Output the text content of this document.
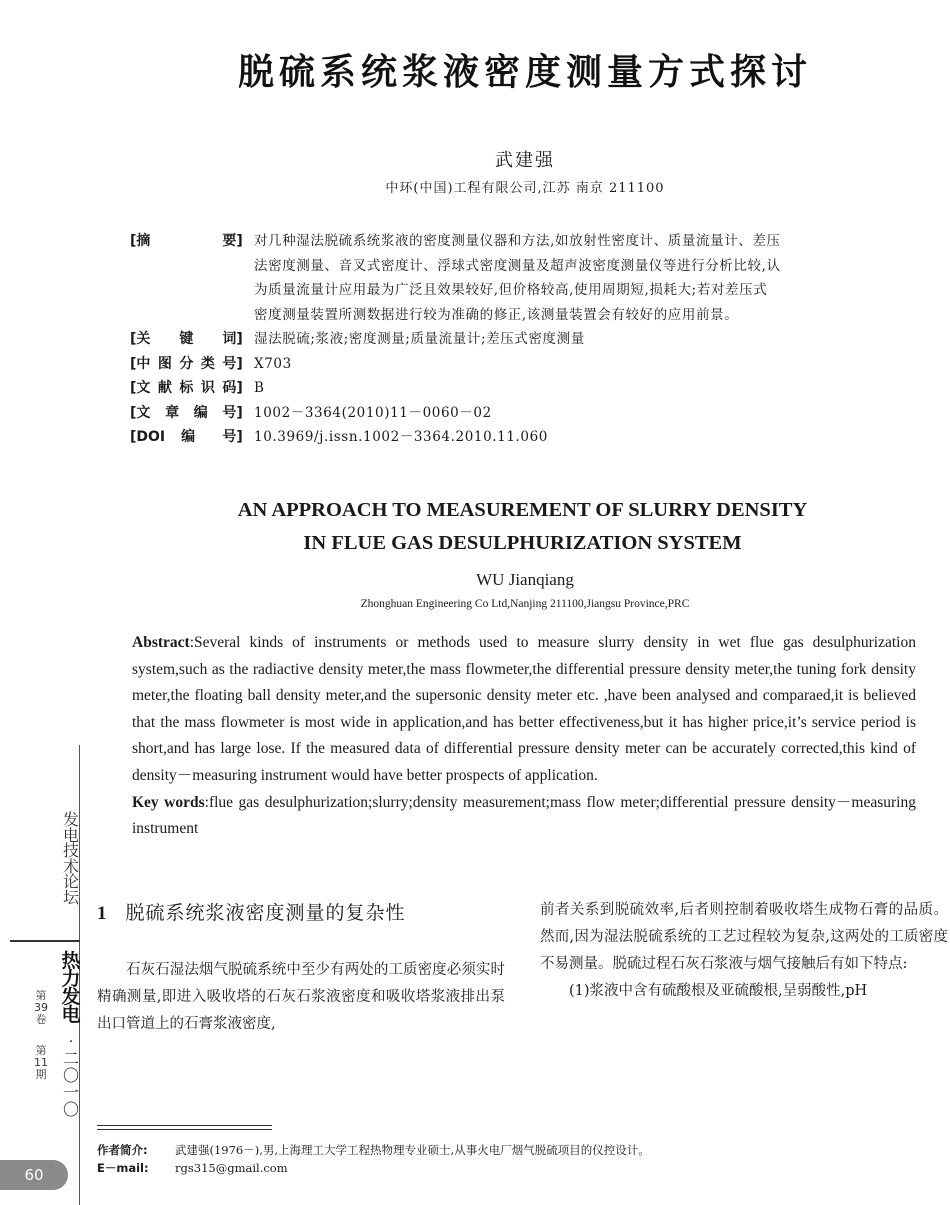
脱硫系统浆液密度测量方式探讨
武建强
中环(中国)工程有限公司,江苏 南京 211100
[摘 要] 对几种湿法脱硫系统浆液的密度测量仪器和方法,如放射性密度计、质量流量计、差压
法密度测量、音叉式密度计、浮球式密度测量及超声波密度测量仪等进行分析比较,认
为质量流量计应用最为广泛且效果较好,但价格较高,使用周期短,损耗大;若对差压式
密度测量装置所测数据进行较为准确的修正,该测量装置会有较好的应用前景。
[关 键 词] 湿法脱硫;浆液;密度测量;质量流量计;差压式密度测量
[中图分类号] X703
[文献标识码] B
[文 章 编 号] 1002－3364(2010)11－0060－02
[DOI 编 号] 10.3969/j.issn.1002－3364.2010.11.060
AN APPROACH TO MEASUREMENT OF SLURRY DENSITY
IN FLUE GAS DESULPHURIZATION SYSTEM
WU Jianqiang
Zhonghuan Engineering Co Ltd,Nanjing 211100,Jiangsu Province,PRC
Abstract:Several kinds of instruments or methods used to measure slurry density in wet flue gas desulphurization system,such as the radiactive density meter,the mass flowmeter,the differential pressure density meter,the tuning fork density meter,the floating ball density meter,and the supersonic density meter etc. ,have been analysed and comparaed,it is believed that the mass flowmeter is most wide in application,and has better effectiveness,but it has higher price,it’s service period is short,and has large lose. If the measured data of differential pressure density meter can be accurately corrected,this kind of density－measuring instrument would have better prospects of application.
Key words:flue gas desulphurization;slurry;density measurement;mass flow meter;differential pressure density－measuring instrument
发
电
技
术
论
坛
热
力
发
电
·
二
〇
一
〇
第
39
卷
第
11
期
60
1 脱硫系统浆液密度测量的复杂性
石灰石湿法烟气脱硫系统中至少有两处的工质密度必须实时精确测量,即进入吸收塔的石灰石浆液密度和吸收塔浆液排出泵出口管道上的石膏浆液密度,
前者关系到脱硫效率,后者则控制着吸收塔生成物石膏的品质。然而,因为湿法脱硫系统的工艺过程较为复杂,这两处的工质密度不易测量。脱硫过程石灰石浆液与烟气接触后有如下特点:
(1)浆液中含有硫酸根及亚硫酸根,呈弱酸性,pH
作者简介: 武建强(1976－),男,上海理工大学工程热物理专业硕士,从事火电厂烟气脱硫项目的仪控设计。
E－mail: rgs315@gmail.com
